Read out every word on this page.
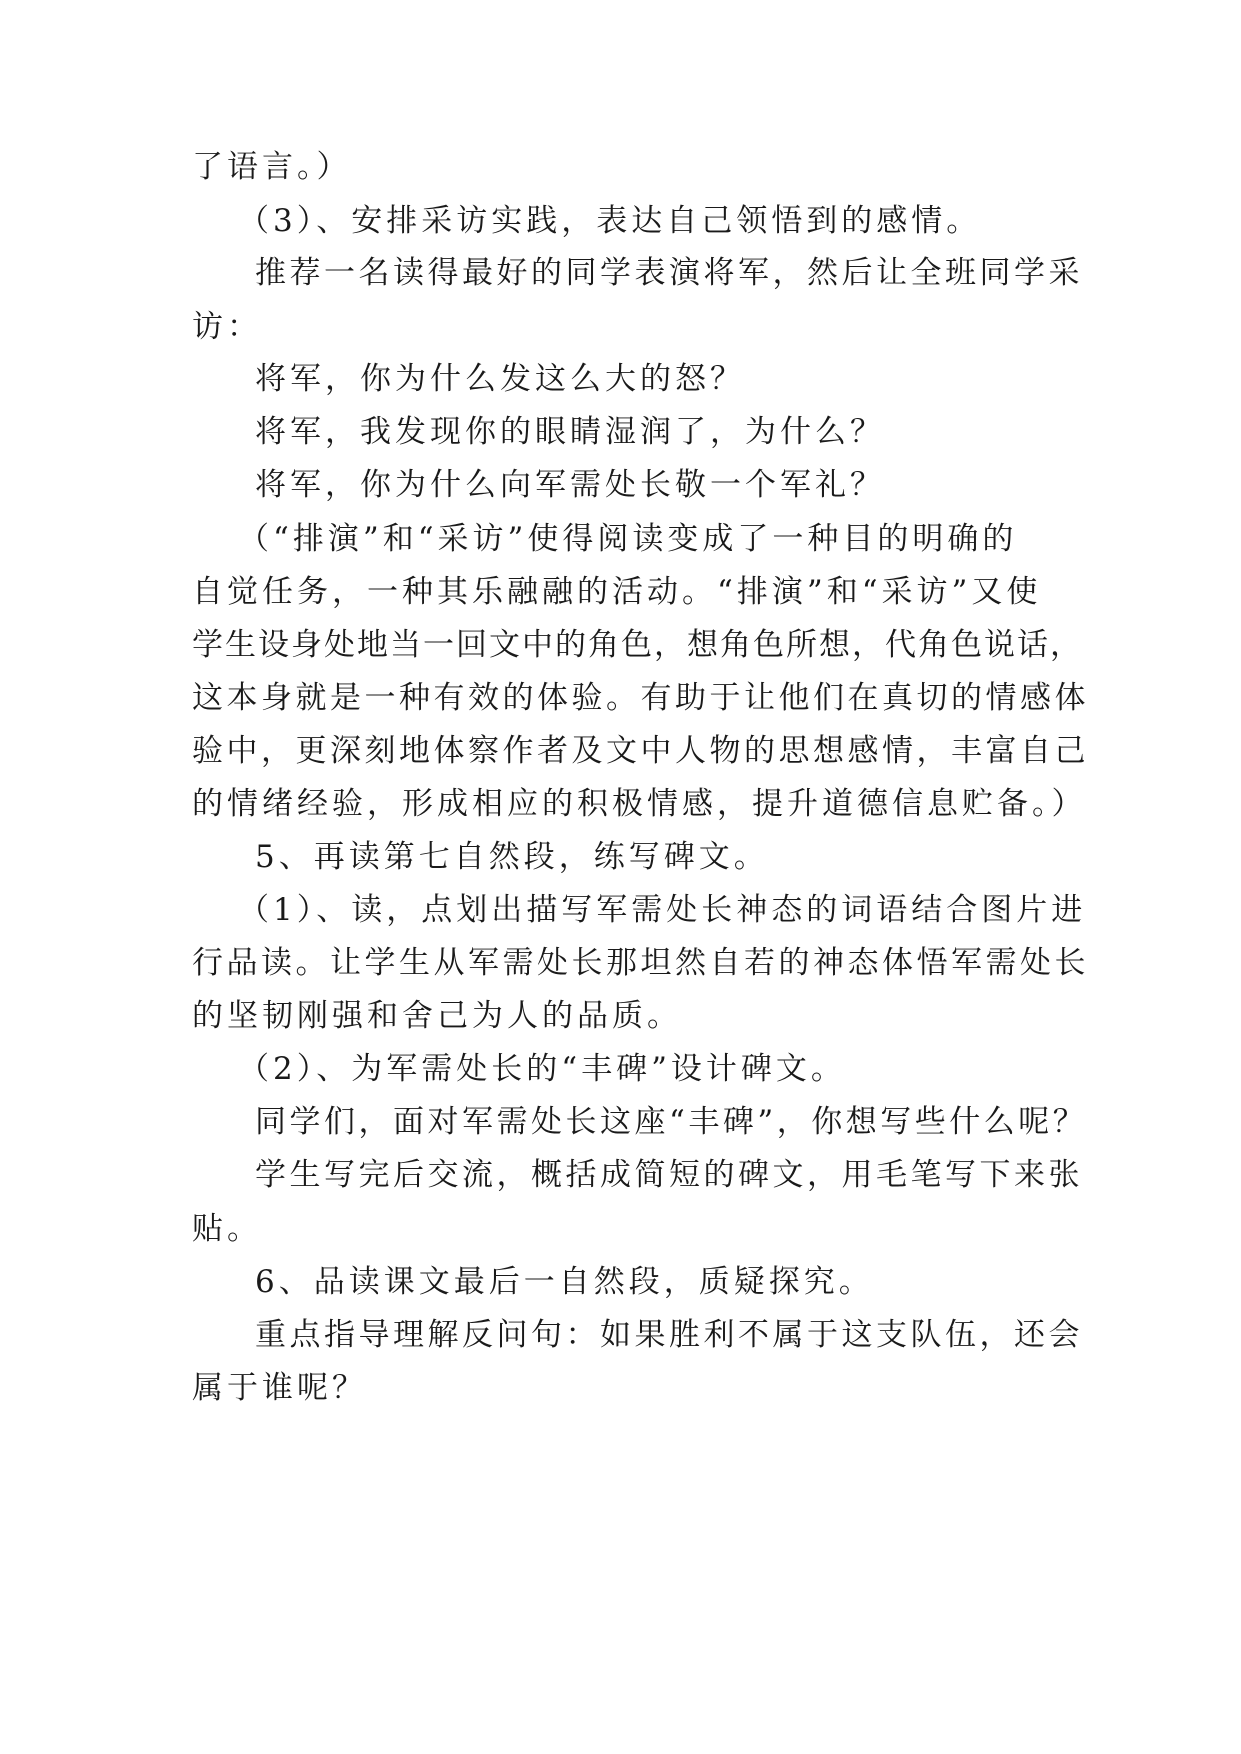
了语言。）
（3）、安排采访实践，表达自己领悟到的感情。
推荐一名读得最好的同学表演将军，然后让全班同学采
访：
将军，你为什么发这么大的怒？
将军，我发现你的眼睛湿润了，为什么？
将军，你为什么向军需处长敬一个军礼？
（“排演”和“采访”使得阅读变成了一种目的明确的
自觉任务，一种其乐融融的活动。“排演”和“采访”又使
学生设身处地当一回文中的角色，想角色所想，代角色说话，
这本身就是一种有效的体验。有助于让他们在真切的情感体
验中，更深刻地体察作者及文中人物的思想感情，丰富自己
的情绪经验，形成相应的积极情感，提升道德信息贮备。）
5、再读第七自然段，练写碑文。
（1）、读，点划出描写军需处长神态的词语结合图片进
行品读。让学生从军需处长那坦然自若的神态体悟军需处长
的坚韧刚强和舍己为人的品质。
（2）、为军需处长的“丰碑”设计碑文。
同学们，面对军需处长这座“丰碑”，你想写些什么呢？
学生写完后交流，概括成简短的碑文，用毛笔写下来张
贴。
6、品读课文最后一自然段，质疑探究。
重点指导理解反问句：如果胜利不属于这支队伍，还会
属于谁呢？
